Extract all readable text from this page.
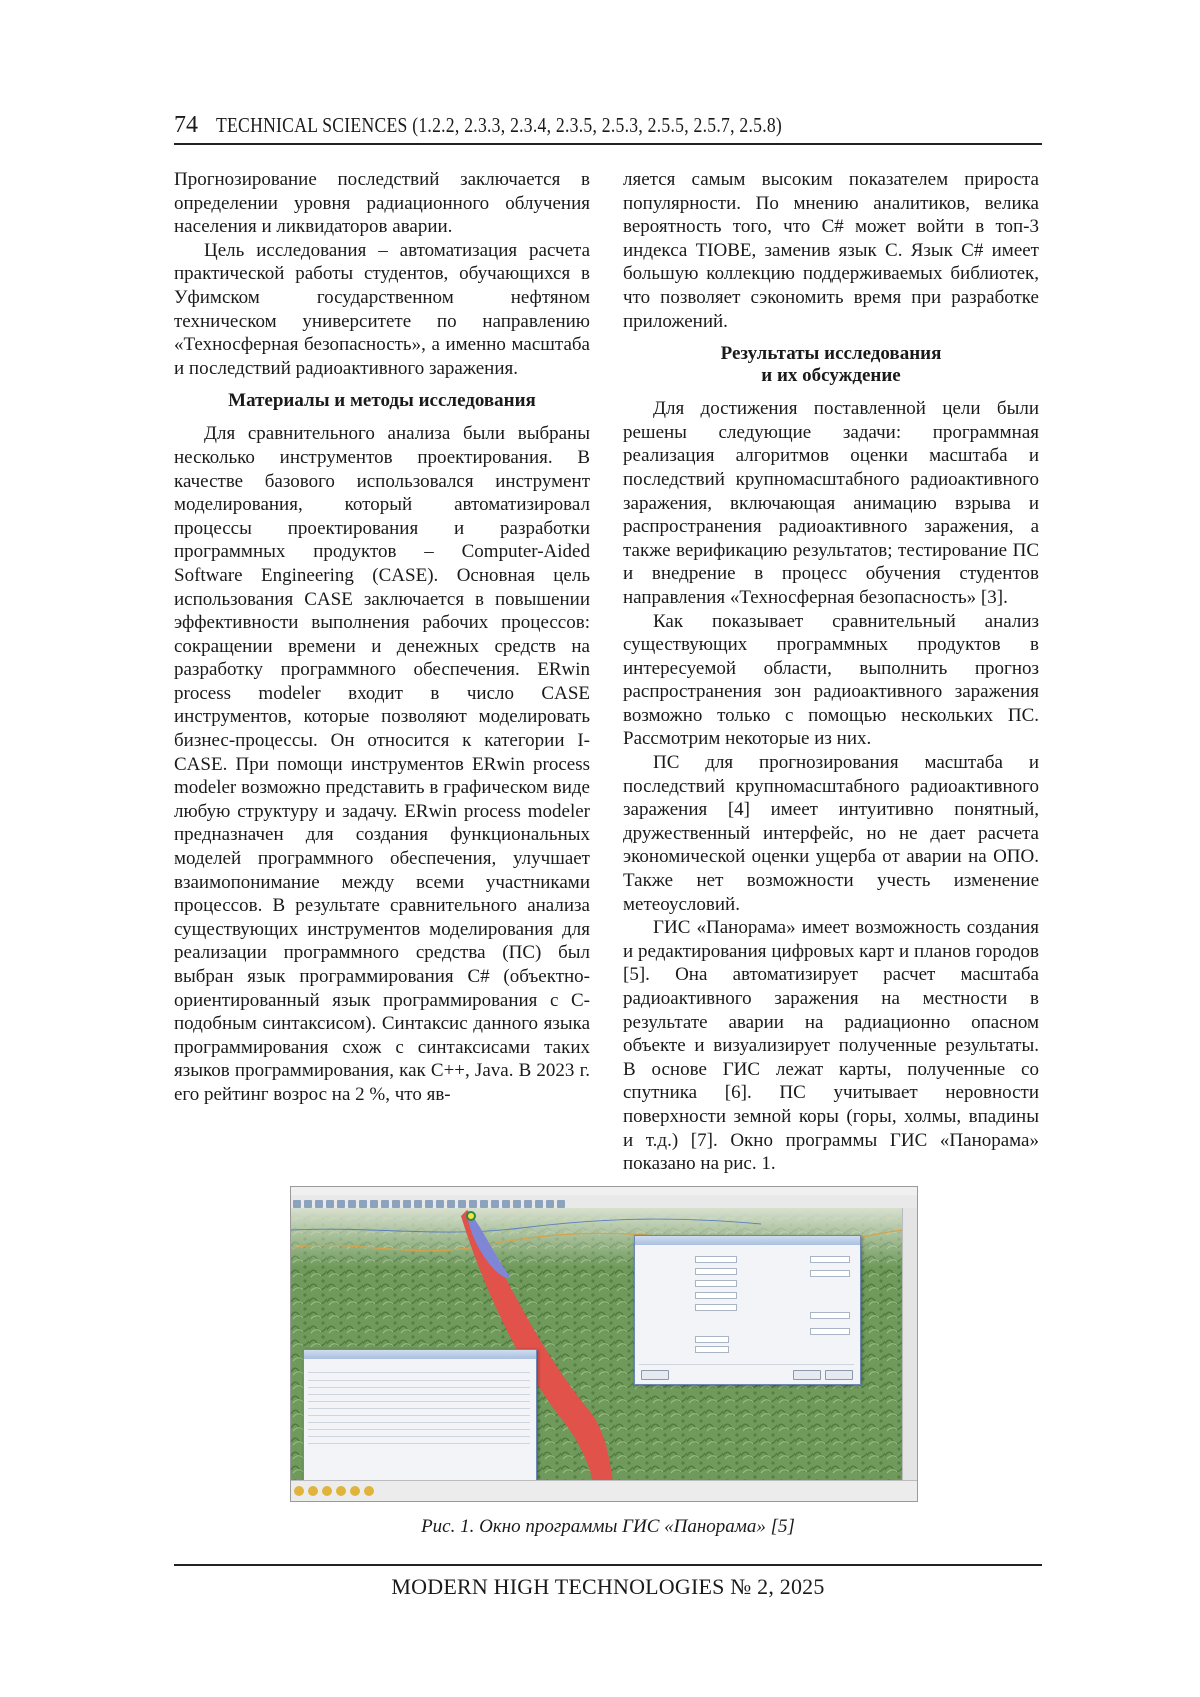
74 TECHNICAL SCIENCES (1.2.2, 2.3.3, 2.3.4, 2.3.5, 2.5.3, 2.5.5, 2.5.7, 2.5.8)

Прогнозирование последствий заключается в определении уровня радиационного облучения населения и ликвидаторов аварии.

Цель исследования – автоматизация расчета практической работы студентов, обучающихся в Уфимском государственном нефтяном техническом университете по направлению «Техносферная безопасность», а именно масштаба и последствий радиоактивного заражения.

Материалы и методы исследования

Для сравнительного анализа были выбраны несколько инструментов проектирования. В качестве базового использовался инструмент моделирования, который автоматизировал процессы проектирования и разработки программных продуктов – Computer-Aided Software Engineering (CASE). Основная цель использования CASE заключается в повышении эффективности выполнения рабочих процессов: сокращении времени и денежных средств на разработку программного обеспечения. ERwin process modeler входит в число CASE инструментов, которые позволяют моделировать бизнес-процессы. Он относится к категории I-CASE. При помощи инструментов ERwin process modeler возможно представить в графическом виде любую структуру и задачу. ERwin process modeler предназначен для создания функциональных моделей программного обеспечения, улучшает взаимопонимание между всеми участниками процессов. В результате сравнительного анализа существующих инструментов моделирования для реализации программного средства (ПС) был выбран язык программирования C# (объектно-ориентированный язык программирования с С-подобным синтаксисом). Синтаксис данного языка программирования схож с синтаксисами таких языков программирования, как C++, Java. В 2023 г. его рейтинг возрос на 2 %, что яв-

ляется самым высоким показателем прироста популярности. По мнению аналитиков, велика вероятность того, что C# может войти в топ-3 индекса TIOBE, заменив язык С. Язык C# имеет большую коллекцию поддерживаемых библиотек, что позволяет сэкономить время при разработке приложений.

Результаты исследования
и их обсуждение

Для достижения поставленной цели были решены следующие задачи: программная реализация алгоритмов оценки масштаба и последствий крупномасштабного радиоактивного заражения, включающая анимацию взрыва и распространения радиоактивного заражения, а также верификацию результатов; тестирование ПС и внедрение в процесс обучения студентов направления «Техносферная безопасность» [3].

Как показывает сравнительный анализ существующих программных продуктов в интересуемой области, выполнить прогноз распространения зон радиоактивного заражения возможно только с помощью нескольких ПС. Рассмотрим некоторые из них.

ПС для прогнозирования масштаба и последствий крупномасштабного радиоактивного заражения [4] имеет интуитивно понятный, дружественный интерфейс, но не дает расчета экономической оценки ущерба от аварии на ОПО. Также нет возможности учесть изменение метеоусловий.

ГИС «Панорама» имеет возможность создания и редактирования цифровых карт и планов городов [5]. Она автоматизирует расчет масштаба радиоактивного заражения на местности в результате аварии на радиационно опасном объекте и визуализирует полученные результаты. В основе ГИС лежат карты, полученные со спутника [6]. ПС учитывает неровности поверхности земной коры (горы, холмы, впадины и т.д.) [7]. Окно программы ГИС «Панорама» показано на рис. 1.

Рис. 1. Окно программы ГИС «Панорама» [5]
MODERN HIGH TECHNOLOGIES № 2, 2025
